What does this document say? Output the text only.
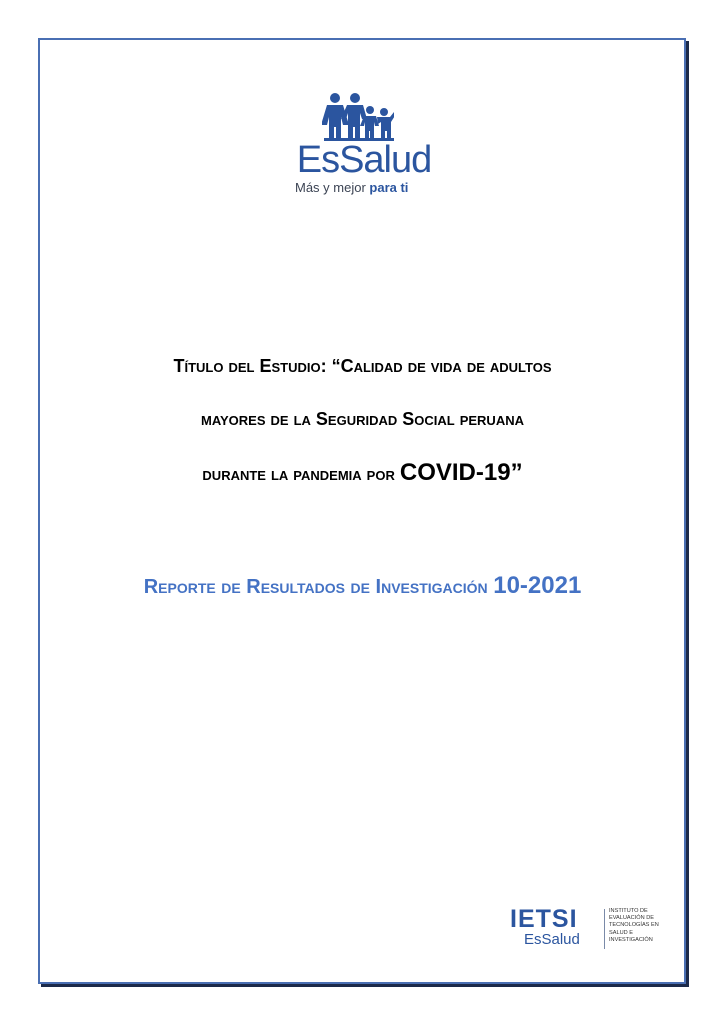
EsSalud
Más y mejor para ti
Título del Estudio: “Calidad de vida de adultos
mayores de la Seguridad Social peruana
durante la pandemia por COVID-19”
Reporte de Resultados de Investigación 10-2021
IETSI
EsSalud
INSTITUTO DE
EVALUACIÓN DE
TECNOLOGÍAS EN
SALUD E
INVESTIGACIÓN
